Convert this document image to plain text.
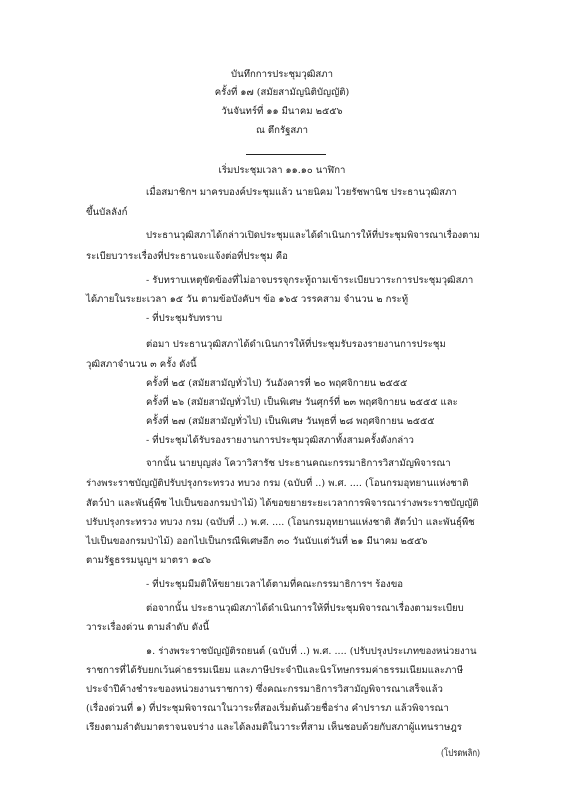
บันทึกการประชุมวุฒิสภา
ครั้งที่ ๑๗ (สมัยสามัญนิติบัญญัติ)
วันจันทร์ที่ ๑๑ มีนาคม ๒๕๕๖
ณ ตึกรัฐสภา
เริ่มประชุมเวลา ๑๑.๑๐ นาฬิกา
เมื่อสมาชิกฯ มาครบองค์ประชุมแล้ว นายนิคม ไวยรัชพานิช ประธานวุฒิสภา
ขึ้นบัลลังก์
ประธานวุฒิสภาได้กล่าวเปิดประชุมและได้ดำเนินการให้ที่ประชุมพิจารณาเรื่องตาม
ระเบียบวาระเรื่องที่ประธานจะแจ้งต่อที่ประชุม คือ
- รับทราบเหตุขัดข้องที่ไม่อาจบรรจุกระทู้ถามเข้าระเบียบวาระการประชุมวุฒิสภา
ได้ภายในระยะเวลา ๑๕ วัน ตามข้อบังคับฯ ข้อ ๑๖๕ วรรคสาม จำนวน ๒ กระทู้
- ที่ประชุมรับทราบ
ต่อมา ประธานวุฒิสภาได้ดำเนินการให้ที่ประชุมรับรองรายงานการประชุม
วุฒิสภาจำนวน ๓ ครั้ง ดังนี้
ครั้งที่ ๒๕ (สมัยสามัญทั่วไป) วันอังคารที่ ๒๐ พฤศจิกายน ๒๕๕๕
ครั้งที่ ๒๖ (สมัยสามัญทั่วไป) เป็นพิเศษ วันศุกร์ที่ ๒๓ พฤศจิกายน ๒๕๕๕ และ
ครั้งที่ ๒๗ (สมัยสามัญทั่วไป) เป็นพิเศษ วันพุธที่ ๒๘ พฤศจิกายน ๒๕๕๕
- ที่ประชุมได้รับรองรายงานการประชุมวุฒิสภาทั้งสามครั้งดังกล่าว
จากนั้น นายบุญส่ง โควาวิสารัช ประธานคณะกรรมาธิการวิสามัญพิจารณา
ร่างพระราชบัญญัติปรับปรุงกระทรวง ทบวง กรม (ฉบับที่ ..) พ.ศ. .... (โอนกรมอุทยานแห่งชาติ
สัตว์ป่า และพันธุ์พืช ไปเป็นของกรมป่าไม้) ได้ขอขยายระยะเวลาการพิจารณาร่างพระราชบัญญัติ
ปรับปรุงกระทรวง ทบวง กรม (ฉบับที่ ..) พ.ศ. .... (โอนกรมอุทยานแห่งชาติ สัตว์ป่า และพันธุ์พืช
ไปเป็นของกรมป่าไม้) ออกไปเป็นกรณีพิเศษอีก ๓๐ วันนับแต่วันที่ ๒๑ มีนาคม ๒๕๕๖
ตามรัฐธรรมนูญฯ มาตรา ๑๔๖
- ที่ประชุมมีมติให้ขยายเวลาได้ตามที่คณะกรรมาธิการฯ ร้องขอ
ต่อจากนั้น ประธานวุฒิสภาได้ดำเนินการให้ที่ประชุมพิจารณาเรื่องตามระเบียบ
วาระเรื่องด่วน ตามลำดับ ดังนี้
๑. ร่างพระราชบัญญัติรถยนต์ (ฉบับที่ ..) พ.ศ. .... (ปรับปรุงประเภทของหน่วยงาน
ราชการที่ได้รับยกเว้นค่าธรรมเนียม และภาษีประจำปีและนิรโทษกรรมค่าธรรมเนียมและภาษี
ประจำปีค้างชำระของหน่วยงานราชการ) ซึ่งคณะกรรมาธิการวิสามัญพิจารณาเสร็จแล้ว
(เรื่องด่วนที่ ๑) ที่ประชุมพิจารณาในวาระที่สองเริ่มต้นด้วยชื่อร่าง คำปรารภ แล้วพิจารณา
เรียงตามลำดับมาตราจนจบร่าง และได้ลงมติในวาระที่สาม เห็นชอบด้วยกับสภาผู้แทนราษฎร
(โปรดพลิก)
